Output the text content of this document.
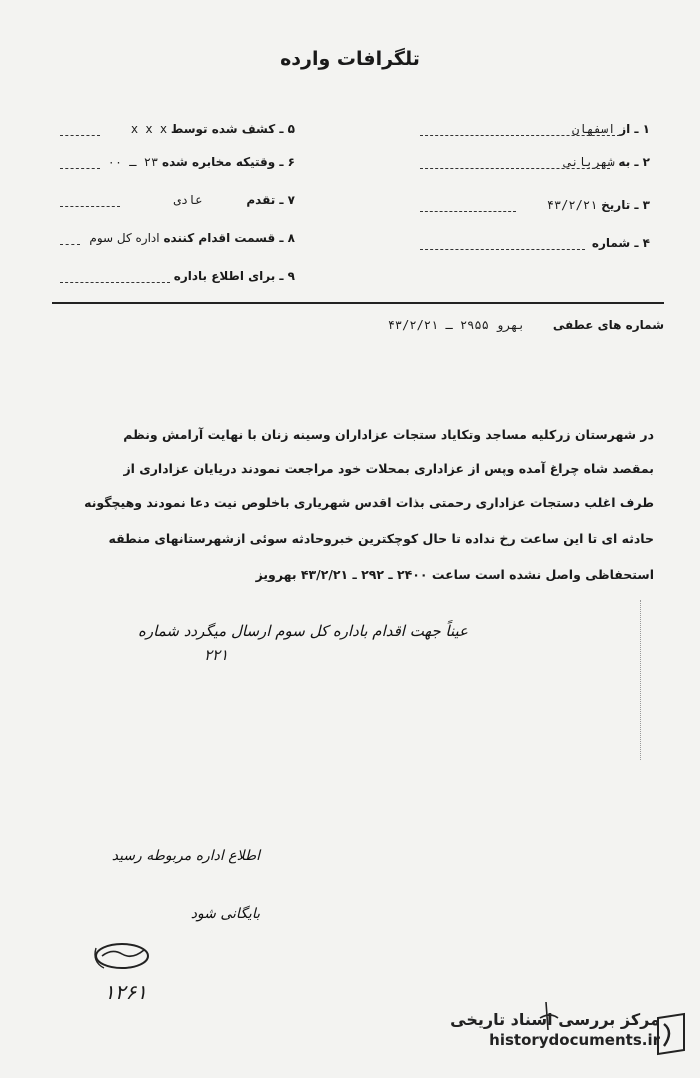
تلگرافات وارده
۱ ـ از اسفهان
۲ ـ به شهربانی
۳ ـ تاریخ ۴۳/۲/۲۱
۴ ـ شماره
۵ ـ کشف شده توسط x x x
۶ ـ وقتیکه مخابره شده ۲۳ ـ ۰۰
۷ ـ تقدم عادی
۸ ـ قسمت اقدام کننده اداره کل سوم
۹ ـ برای اطلاع باداره
شماره های عطفی بهرو ۲۹۵۵ ـ ۴۳/۲/۲۱
در شهرستان زرکلیه مساجد وتکایاد ستجات عزاداران وسینه زنان با نهایت آرامش ونظم
بمقصد شاه چراغ آمده وپس از عزاداری بمحلات خود مراجعت نمودند دریایان عزاداری از
طرف اغلب دستجات عزاداری رحمتی بذات اقدس شهریاری باخلوص نیت دعا نمودند وهیچگونه
حادثه ای تا این ساعت رخ نداده تا حال کوچکترین خبروحادثه سوئی ازشهرستانهای منطقه
استحفاظی واصل نشده است ساعت ۲۴۰۰ ـ ۲۹۲ ـ ۴۳/۲/۲۱ بهرویز
عیناً جهت اقدام باداره کل سوم ارسال میگردد شماره
۲۲۱
اطلاع اداره مربوطه رسید
بایگانی شود
۱۲۶۱
مرکز بررسی اسناد تاریخی
historydocuments.ir
